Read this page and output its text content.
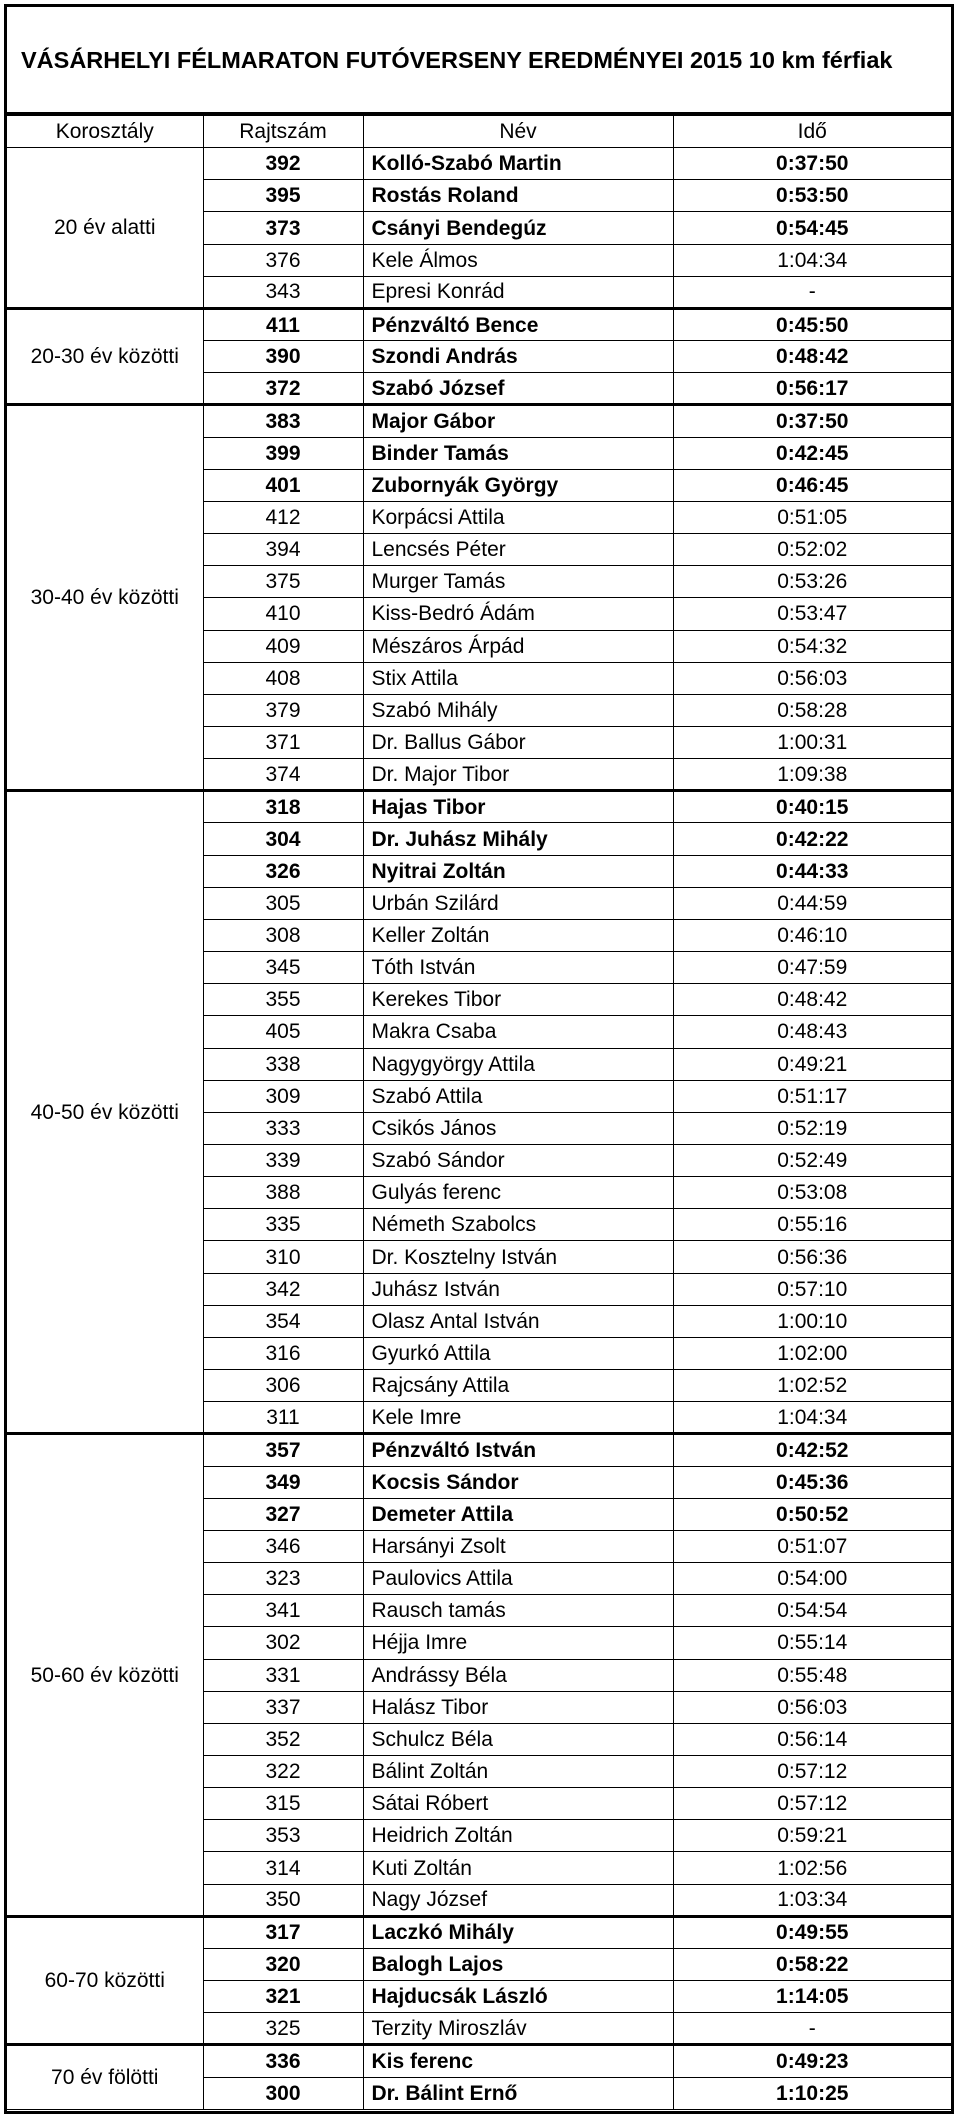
VÁSÁRHELYI FÉLMARATON FUTÓVERSENY EREDMÉNYEI 2015 10 km férfiak
Korosztály	Rajtszám	Név	Idő
20 év alatti	392	Kolló-Szabó Martin	0:37:50
	395	Rostás Roland	0:53:50
	373	Csányi Bendegúz	0:54:45
	376	Kele Álmos	1:04:34
	343	Epresi Konrád	-
20-30 év közötti	411	Pénzváltó Bence	0:45:50
	390	Szondi András	0:48:42
	372	Szabó József	0:56:17
30-40 év közötti	383	Major Gábor	0:37:50
	399	Binder Tamás	0:42:45
	401	Zubornyák György	0:46:45
	412	Korpácsi Attila	0:51:05
	394	Lencsés Péter	0:52:02
	375	Murger Tamás	0:53:26
	410	Kiss-Bedró Ádám	0:53:47
	409	Mészáros Árpád	0:54:32
	408	Stix Attila	0:56:03
	379	Szabó Mihály	0:58:28
	371	Dr. Ballus Gábor	1:00:31
	374	Dr. Major Tibor	1:09:38
40-50 év közötti	318	Hajas Tibor	0:40:15
	304	Dr. Juhász Mihály	0:42:22
	326	Nyitrai Zoltán	0:44:33
	305	Urbán Szilárd	0:44:59
	308	Keller Zoltán	0:46:10
	345	Tóth István	0:47:59
	355	Kerekes Tibor	0:48:42
	405	Makra Csaba	0:48:43
	338	Nagygyörgy Attila	0:49:21
	309	Szabó Attila	0:51:17
	333	Csikós János	0:52:19
	339	Szabó Sándor	0:52:49
	388	Gulyás ferenc	0:53:08
	335	Németh Szabolcs	0:55:16
	310	Dr. Kosztelny István	0:56:36
	342	Juhász István	0:57:10
	354	Olasz Antal István	1:00:10
	316	Gyurkó Attila	1:02:00
	306	Rajcsány Attila	1:02:52
	311	Kele Imre	1:04:34
50-60 év közötti	357	Pénzváltó István	0:42:52
	349	Kocsis Sándor	0:45:36
	327	Demeter Attila	0:50:52
	346	Harsányi Zsolt	0:51:07
	323	Paulovics Attila	0:54:00
	341	Rausch tamás	0:54:54
	302	Héjja Imre	0:55:14
	331	Andrássy Béla	0:55:48
	337	Halász Tibor	0:56:03
	352	Schulcz Béla	0:56:14
	322	Bálint Zoltán	0:57:12
	315	Sátai Róbert	0:57:12
	353	Heidrich Zoltán	0:59:21
	314	Kuti Zoltán	1:02:56
	350	Nagy József	1:03:34
60-70 közötti	317	Laczkó Mihály	0:49:55
	320	Balogh Lajos	0:58:22
	321	Hajducsák László	1:14:05
	325	Terzity Miroszláv	-
70 év fölötti	336	Kis ferenc	0:49:23
	300	Dr. Bálint Ernő	1:10:25
